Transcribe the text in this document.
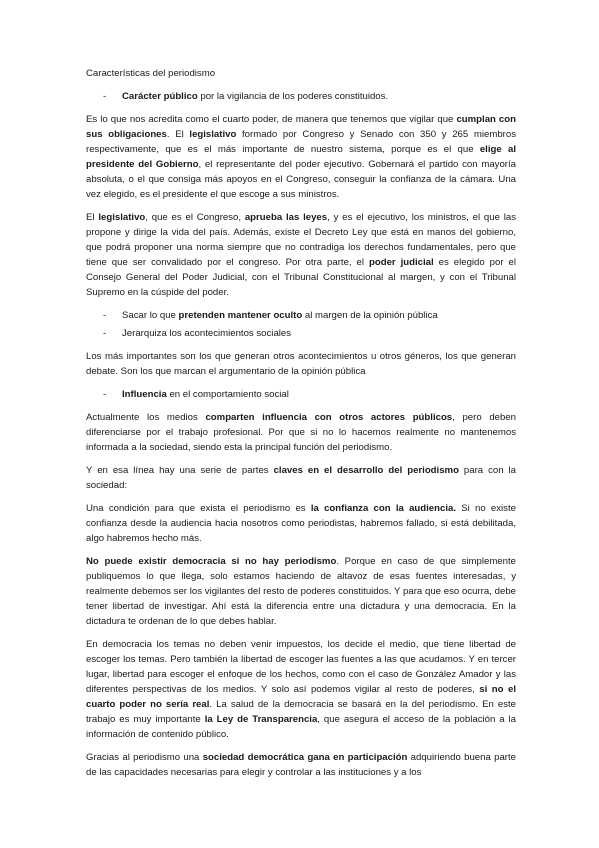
Características del periodismo
- Carácter público por la vigilancia de los poderes constituidos.

Es lo que nos acredita como el cuarto poder, de manera que tenemos que vigilar que cumplan con sus obligaciones. El legislativo formado por Congreso y Senado con 350 y 265 miembros respectivamente, que es el más importante de nuestro sistema, porque es el que elige al presidente del Gobierno, el representante del poder ejecutivo. Gobernará el partido con mayoría absoluta, o el que consiga más apoyos en el Congreso, conseguir la confianza de la cámara. Una vez elegido, es el presidente el que escoge a sus ministros.

El legislativo, que es el Congreso, aprueba las leyes, y es el ejecutivo, los ministros, el que las propone y dirige la vida del país. Además, existe el Decreto Ley que está en manos del gobierno, que podrá proponer una norma siempre que no contradiga los derechos fundamentales, pero que tiene que ser convalidado por el congreso. Por otra parte, el poder judicial es elegido por el Consejo General del Poder Judicial, con el Tribunal Constitucional al margen, y con el Tribunal Supremo en la cúspide del poder.

- Sacar lo que pretenden mantener oculto al margen de la opinión pública
- Jerarquiza los acontecimientos sociales

Los más importantes son los que generan otros acontecimientos u otros géneros, los que generan debate. Son los que marcan el argumentario de la opinión pública

- Influencia en el comportamiento social

Actualmente los medios comparten influencia con otros actores públicos, pero deben diferenciarse por el trabajo profesional. Por que si no lo hacemos realmente no mantenemos informada a la sociedad, siendo esta la principal función del periodismo.

Y en esa línea hay una serie de partes claves en el desarrollo del periodismo para con la sociedad:

Una condición para que exista el periodismo es la confianza con la audiencia. Si no existe confianza desde la audiencia hacia nosotros como periodistas, habremos fallado, si está debilitada, algo habremos hecho más.

No puede existir democracia si no hay periodismo. Porque en caso de que simplemente publiquemos lo que llega, solo estamos haciendo de altavoz de esas fuentes interesadas, y realmente debemos ser los vigilantes del resto de poderes constituidos. Y para que eso ocurra, debe tener libertad de investigar. Ahí está la diferencia entre una dictadura y una democracia. En la dictadura te ordenan de lo que debes hablar.

En democracia los temas no deben venir impuestos, los decide el medio, que tiene libertad de escoger los temas. Pero también la libertad de escoger las fuentes a las que acudamos. Y en tercer lugar, libertad para escoger el enfoque de los hechos, como con el caso de González Amador y las diferentes perspectivas de los medios. Y solo así podemos vigilar al resto de poderes, si no el cuarto poder no sería real. La salud de la democracia se basará en la del periodismo. En este trabajo es muy importante la Ley de Transparencia, que asegura el acceso de la población a la información de contenido público.

Gracias al periodismo una sociedad democrática gana en participación adquiriendo buena parte de las capacidades necesarias para elegir y controlar a las instituciones y a los
